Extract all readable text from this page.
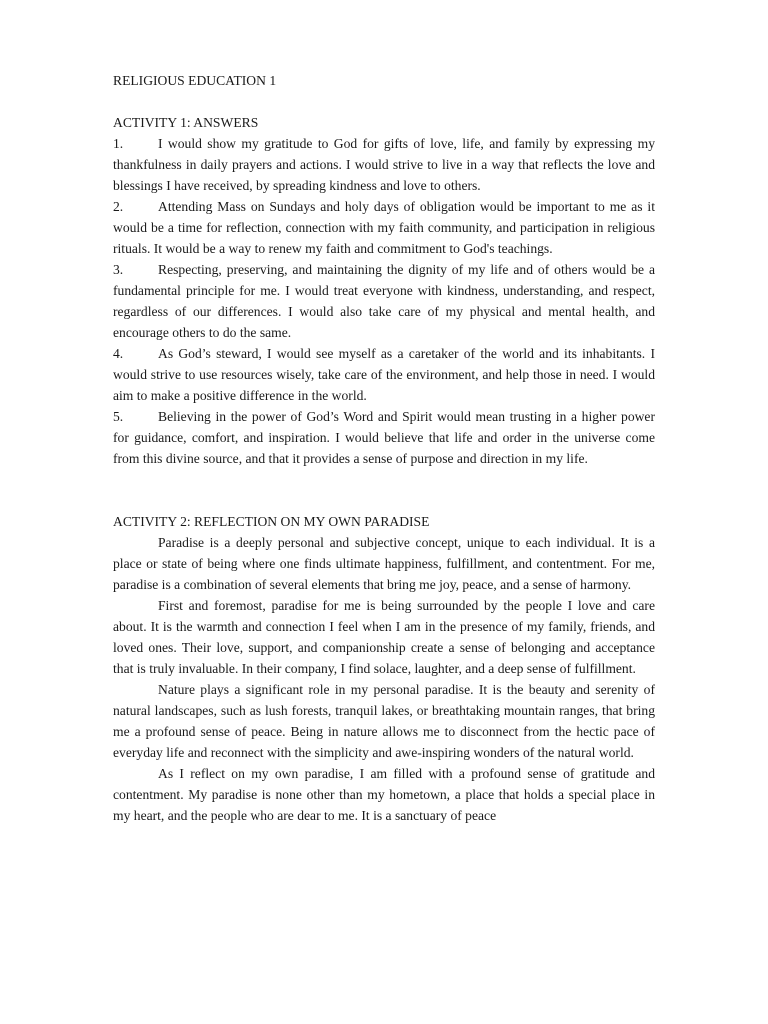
RELIGIOUS EDUCATION 1
ACTIVITY 1: ANSWERS

1.	I would show my gratitude to God for gifts of love, life, and family by expressing my thankfulness in daily prayers and actions. I would strive to live in a way that reflects the love and blessings I have received, by spreading kindness and love to others.

2.	Attending Mass on Sundays and holy days of obligation would be important to me as it would be a time for reflection, connection with my faith community, and participation in religious rituals. It would be a way to renew my faith and commitment to God's teachings.

3.	Respecting, preserving, and maintaining the dignity of my life and of others would be a fundamental principle for me. I would treat everyone with kindness, understanding, and respect, regardless of our differences. I would also take care of my physical and mental health, and encourage others to do the same.

4.	As God’s steward, I would see myself as a caretaker of the world and its inhabitants. I would strive to use resources wisely, take care of the environment, and help those in need. I would aim to make a positive difference in the world.

5.	Believing in the power of God’s Word and Spirit would mean trusting in a higher power for guidance, comfort, and inspiration. I would believe that life and order in the universe come from this divine source, and that it provides a sense of purpose and direction in my life.

ACTIVITY 2: REFLECTION ON MY OWN PARADISE

Paradise is a deeply personal and subjective concept, unique to each individual. It is a place or state of being where one finds ultimate happiness, fulfillment, and contentment. For me, paradise is a combination of several elements that bring me joy, peace, and a sense of harmony.

First and foremost, paradise for me is being surrounded by the people I love and care about. It is the warmth and connection I feel when I am in the presence of my family, friends, and loved ones. Their love, support, and companionship create a sense of belonging and acceptance that is truly invaluable. In their company, I find solace, laughter, and a deep sense of fulfillment.

Nature plays a significant role in my personal paradise. It is the beauty and serenity of natural landscapes, such as lush forests, tranquil lakes, or breathtaking mountain ranges, that bring me a profound sense of peace. Being in nature allows me to disconnect from the hectic pace of everyday life and reconnect with the simplicity and awe-inspiring wonders of the natural world.

As I reflect on my own paradise, I am filled with a profound sense of gratitude and contentment. My paradise is none other than my hometown, a place that holds a special place in my heart, and the people who are dear to me. It is a sanctuary of peace
